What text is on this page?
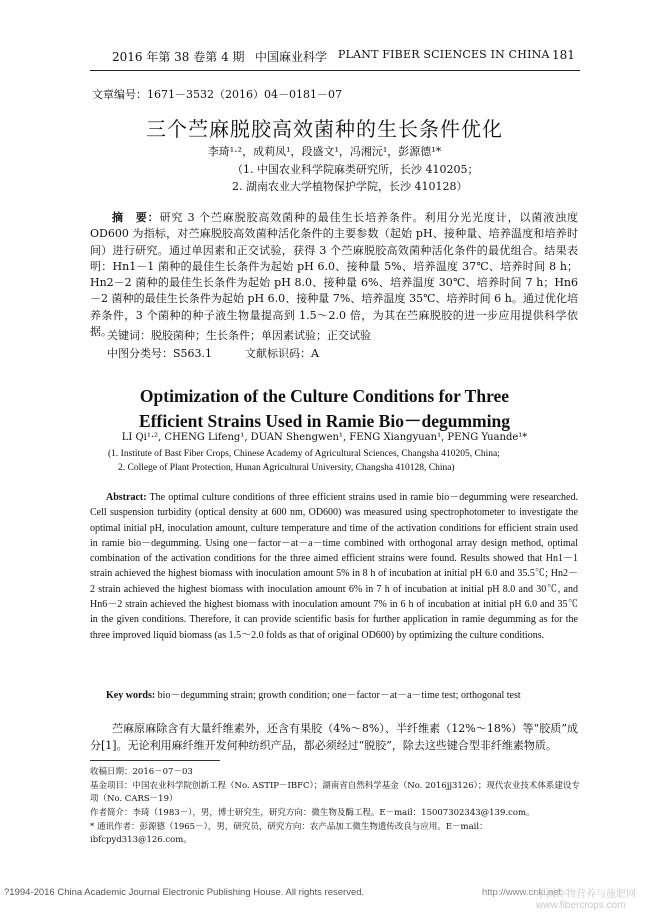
2016 年第 38 卷第 4 期 中国麻业科学 PLANT FIBER SCIENCES IN CHINA 181
文章编号：1671－3532（2016）04－0181－07
三个苎麻脱胶高效菌种的生长条件优化
李琦¹·²，成莉凤¹，段盛文¹，冯湘沅¹，彭源德¹*
（1. 中国农业科学院麻类研究所，长沙 410205；
2. 湖南农业大学植物保护学院，长沙 410128）

摘　要：研究 3 个苎麻脱胶高效菌种的最佳生长培养条件。利用分光光度计，以菌液浊度 OD600 为指标，对苎麻脱胶高效菌种活化条件的主要参数（起始 pH、接种量、培养温度和培养时间）进行研究。通过单因素和正交试验，获得 3 个苎麻脱胶高效菌种活化条件的最优组合。结果表明：Hn1－1 菌种的最佳生长条件为起始 pH 6.0、接种量 5%、培养温度 37℃、培养时间 8 h；Hn2－2 菌种的最佳生长条件为起始 pH 8.0、接种量 6%、培养温度 30℃、培养时间 7 h；Hn6－2 菌种的最佳生长条件为起始 pH 6.0、接种量 7%、培养温度 35℃、培养时间 6 h。通过优化培养条件，3 个菌种的种子液生物量提高到 1.5～2.0 倍，为其在苎麻脱胶的进一步应用提供科学依据。

关键词：脱胶菌种；生长条件；单因素试验；正交试验
中图分类号：S563.1	文献标识码：A
Optimization of the Culture Conditions for Three
Efficient Strains Used in Ramie Bio－degumming
LI Qi¹·², CHENG Lifeng¹, DUAN Shengwen¹, FENG Xiangyuan¹, PENG Yuande¹*
(1. Institute of Bast Fiber Crops, Chinese Academy of Agricultural Sciences, Changsha 410205, China;
2. College of Plant Protection, Hunan Agricultural University, Changsha 410128, China)
Abstract: The optimal culture conditions of three efficient strains used in ramie bio－degumming were researched. Cell suspension turbidity (optical density at 600 nm, OD600) was measured using spectrophotometer to investigate the optimal initial pH, inoculation amount, culture temperature and time of the activation conditions for efficient strain used in ramie bio－degumming. Using one－factor－at－a－time combined with orthogonal array design method, optimal combination of the activation conditions for the three aimed efficient strains were found. Results showed that Hn1－1 strain achieved the highest biomass with inoculation amount 5% in 8 h of incubation at initial pH 6.0 and 35.5℃; Hn2－2 strain achieved the highest biomass with inoculation amount 6% in 7 h of incubation at initial pH 8.0 and 30℃, and Hn6－2 strain achieved the highest biomass with inoculation amount 7% in 6 h of incubation at initial pH 6.0 and 35℃ in the given conditions. Therefore, it can provide scientific basis for further application in ramie degumming as for the three improved liquid biomass (as 1.5～2.0 folds as that of original OD600) by optimizing the culture conditions.
Key words: bio－degumming strain; growth condition; one－factor－at－a－time test; orthogonal test
苎麻原麻除含有大量纤维素外，还含有果胶（4%～8%）、半纤维素（12%～18%）等“胶质”成分[1]。无论利用麻纤维开发何种纺织产品，都必须经过“脱胶”，除去这些键合型非纤维素物质。
收稿日期：2016－07－03
基金项目：中国农业科学院创新工程（No. ASTIP－IBFC）；湖南省自然科学基金（No. 2016jj3126）；现代农业技术体系建设专项（No. CARS－19）
作者简介：李琦（1983－），男，博士研究生，研究方向：微生物及酶工程。E－mail：15007302343@139.com。
* 通讯作者：彭源德（1965－），男，研究员，研究方向：农产品加工微生物遗传改良与应用。E－mail：ibfcpyd313@126.com。
?1994-2016 China Academic Journal Electronic Publishing House. All rights reserved.	http://www.cnki.net
中国作物营养与施肥网 www.fibercrops.com
